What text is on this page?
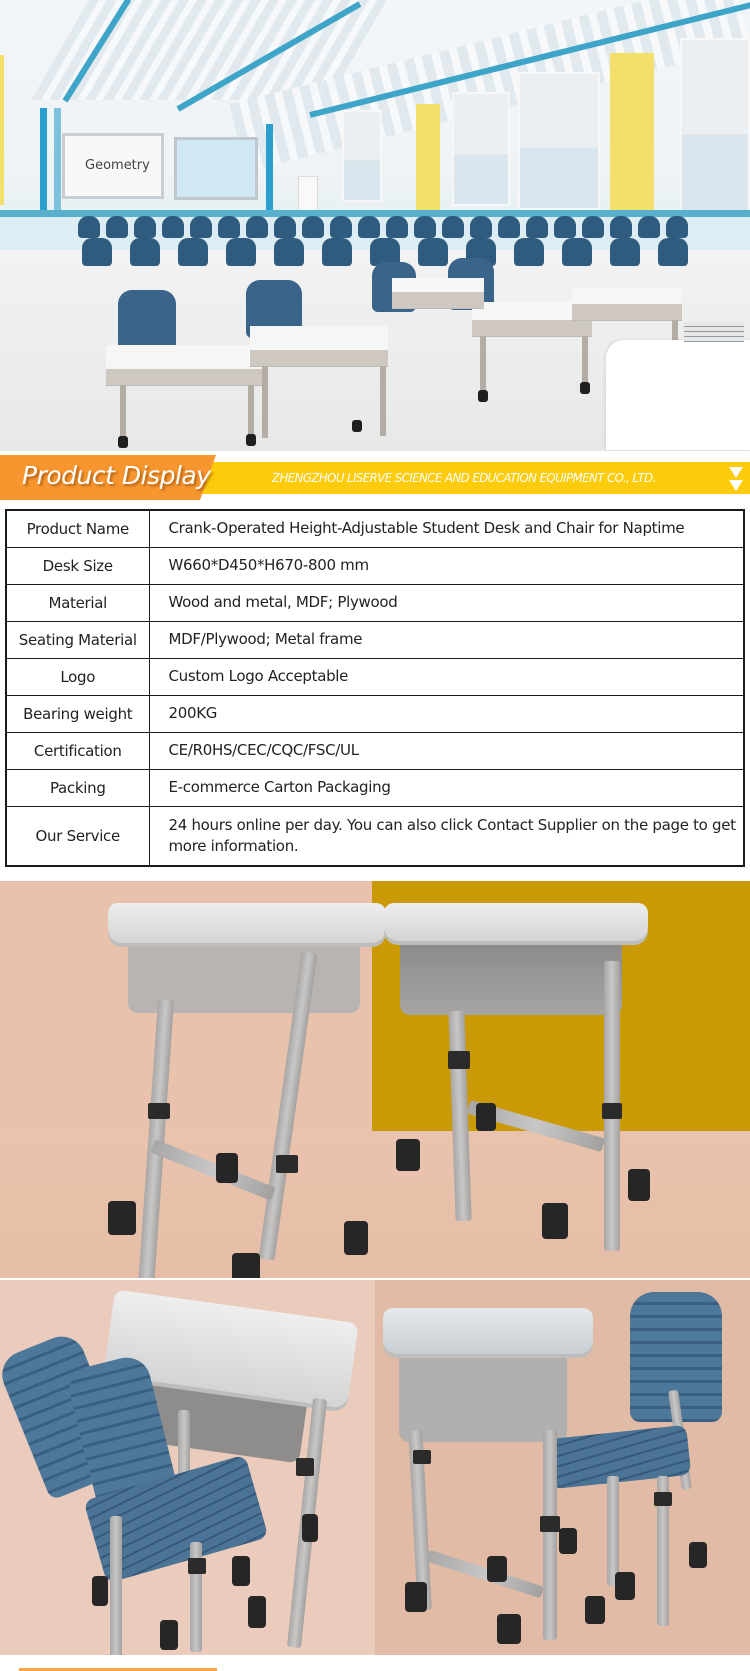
Geometry
Product Display	ZHENGZHOU LISERVE SCIENCE AND EDUCATION EQUIPMENT CO., LTD.
Product Name	Crank-Operated Height-Adjustable Student Desk and Chair for Naptime
Desk Size	W660*D450*H670-800 mm
Material	Wood and metal, MDF; Plywood
Seating Material	MDF/Plywood; Metal frame
Logo	Custom Logo Acceptable
Bearing weight	200KG
Certification	CE/R0HS/CEC/CQC/FSC/UL
Packing	E-commerce Carton Packaging
Our Service	24 hours online per day. You can also click Contact Supplier on the page to get more information.
